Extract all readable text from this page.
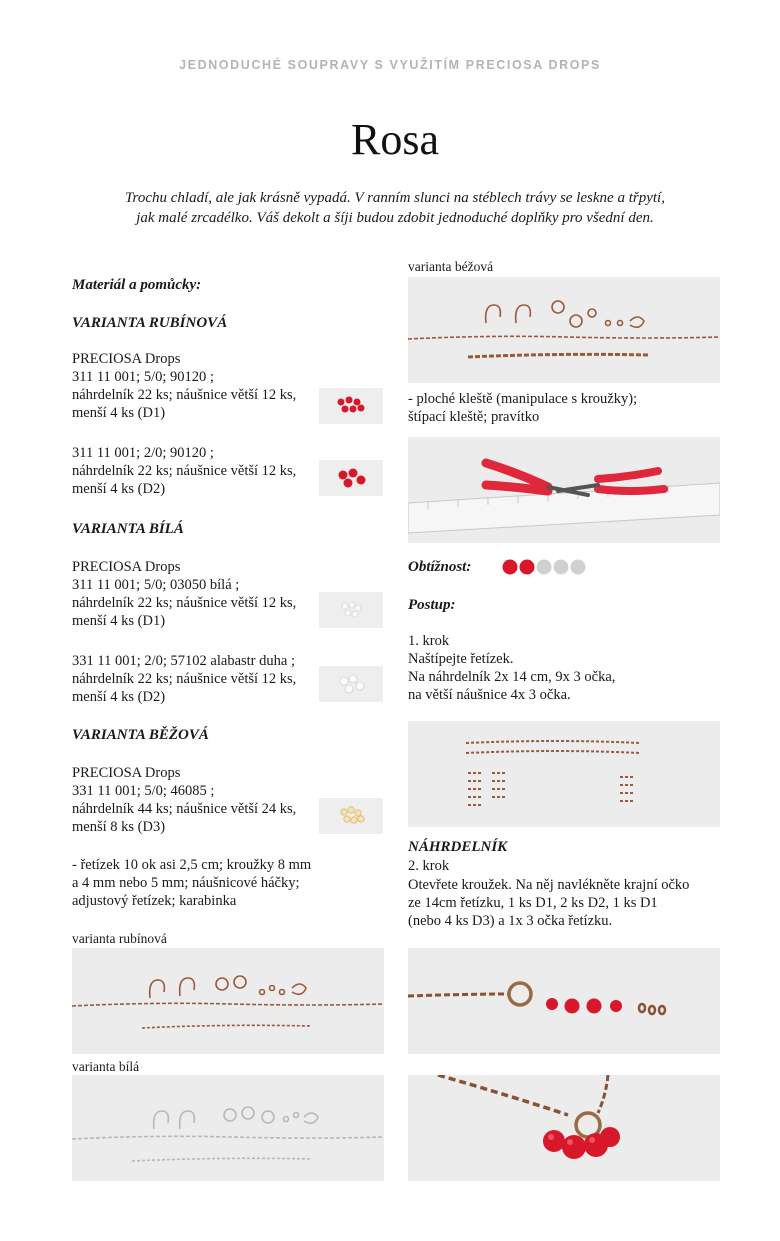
JEDNODUCHÉ SOUPRAVY S VYUŽITÍM PRECIOSA DROPS
Rosa
Trochu chladí, ale jak krásně vypadá. V ranním slunci na stéblech trávy se leskne a třpytí,
jak malé zrcadélko. Váš dekolt a šíji budou zdobit jednoduché doplňky pro všední den.
Materiál a pomůcky:
VARIANTA RUBÍNOVÁ
PRECIOSA Drops
311 11 001; 5/0; 90120 ;
náhrdelník 22 ks; náušnice větší 12 ks,
menší 4 ks (D1)
311 11 001; 2/0; 90120 ;
náhrdelník 22 ks; náušnice větší 12 ks,
menší 4 ks (D2)
VARIANTA BÍLÁ
PRECIOSA Drops
311 11 001; 5/0; 03050 bílá ;
náhrdelník 22 ks; náušnice větší 12 ks,
menší 4 ks (D1)
331 11 001; 2/0; 57102 alabastr duha ;
náhrdelník 22 ks; náušnice větší 12 ks,
menší 4 ks (D2)
VARIANTA BĚŽOVÁ
PRECIOSA Drops
331 11 001; 5/0; 46085 ;
náhrdelník 44 ks; náušnice větší 24 ks,
menší 8 ks (D3)
- řetízek 10 ok asi 2,5 cm; kroužky 8 mm
a 4 mm nebo 5 mm; náušnicové háčky;
adjustový řetízek; karabinka
varianta rubínová
varianta bílá
varianta béžová
- ploché kleště (manipulace s kroužky);
štípací kleště; pravítko
Obtížnost:
Postup:
1. krok
Naštípejte řetízek.
Na náhrdelník 2x 14 cm, 9x 3 očka,
na větší náušnice 4x 3 očka.
NÁHRDELNÍK
2. krok
Otevřete kroužek. Na něj navlékněte krajní očko
ze 14cm řetízku, 1 ks D1, 2 ks D2, 1 ks D1
(nebo 4 ks D3) a 1x 3 očka řetízku.
